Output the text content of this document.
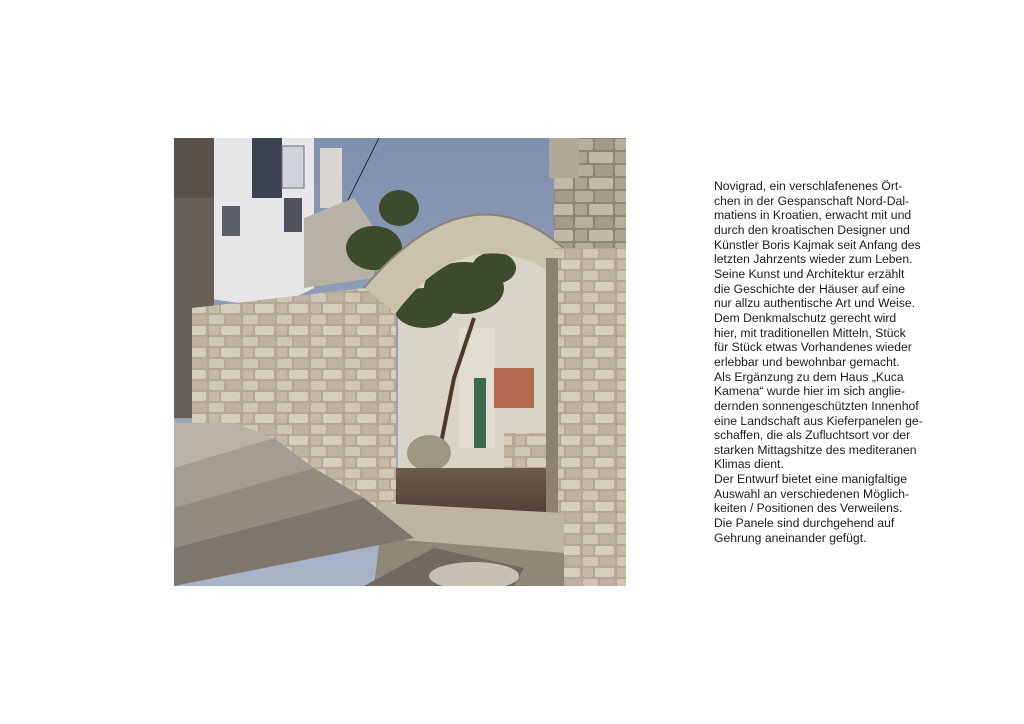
Novigrad, ein verschlafenenes Ört-
chen in der Gespanschaft Nord-Dal-
matiens in Kroatien, erwacht mit und
durch den kroatischen Designer und
Künstler Boris Kajmak seit Anfang des
letzten Jahrzents wieder zum Leben.
Seine Kunst und Architektur erzählt
die Geschichte der Häuser auf eine
nur allzu authentische Art und Weise.
Dem Denkmalschutz gerecht wird
hier, mit traditionellen Mitteln, Stück
für Stück etwas Vorhandenes wieder
erlebbar und bewohnbar gemacht.
Als Ergänzung zu dem Haus „Kuca
Kamena“ wurde hier im sich anglie-
dernden sonnengeschützten Innenhof
eine Landschaft aus Kieferpanelen ge-
schaffen, die als Zufluchtsort vor der
starken Mittagshitze des mediteranen
Klimas dient.
Der Entwurf bietet eine manigfaltige
Auswahl an verschiedenen Möglich-
keiten / Positionen des Verweilens.
Die Panele sind durchgehend auf
Gehrung aneinander gefügt.
